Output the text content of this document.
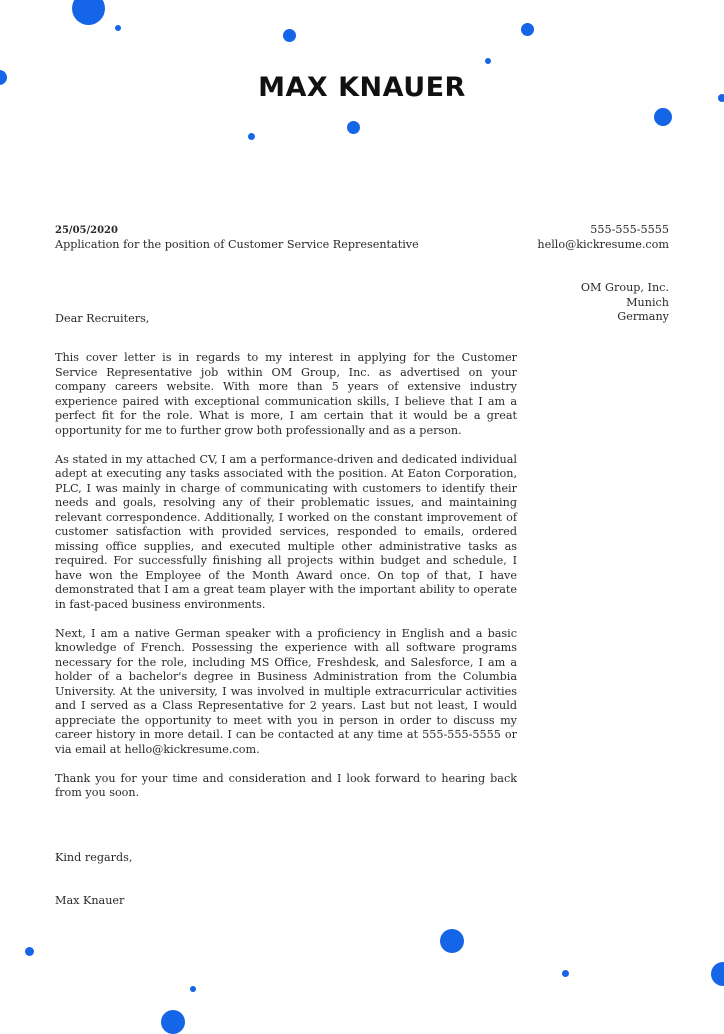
MAX KNAUER
25/05/2020
Application for the position of Customer Service Representative
555-555-5555
hello@kickresume.com
OM Group, Inc.
Munich
Germany
Dear Recruiters,

This cover letter is in regards to my interest in applying for the Customer Service Representative job within OM Group, Inc. as advertised on your company careers website. With more than 5 years of extensive industry experience paired with exceptional communication skills, I believe that I am a perfect fit for the role. What is more, I am certain that it would be a great opportunity for me to further grow both professionally and as a person.

As stated in my attached CV, I am a performance-driven and dedicated individual adept at executing any tasks associated with the position. At Eaton Corporation, PLC, I was mainly in charge of communicating with customers to identify their needs and goals, resolving any of their problematic issues, and maintaining relevant correspondence. Additionally, I worked on the constant improvement of customer satisfaction with provided services, responded to emails, ordered missing office supplies, and executed multiple other administrative tasks as required. For successfully finishing all projects within budget and schedule, I have won the Employee of the Month Award once. On top of that, I have demonstrated that I am a great team player with the important ability to operate in fast-paced business environments.

Next, I am a native German speaker with a proficiency in English and a basic knowledge of French. Possessing the experience with all software programs necessary for the role, including MS Office, Freshdesk, and Salesforce, I am a holder of a bachelor's degree in Business Administration from the Columbia University. At the university, I was involved in multiple extracurricular activities and I served as a Class Representative for 2 years. Last but not least, I would appreciate the opportunity to meet with you in person in order to discuss my career history in more detail. I can be contacted at any time at 555-555-5555 or via email at hello@kickresume.com.

Thank you for your time and consideration and I look forward to hearing back from you soon.

Kind regards,
Max Knauer
